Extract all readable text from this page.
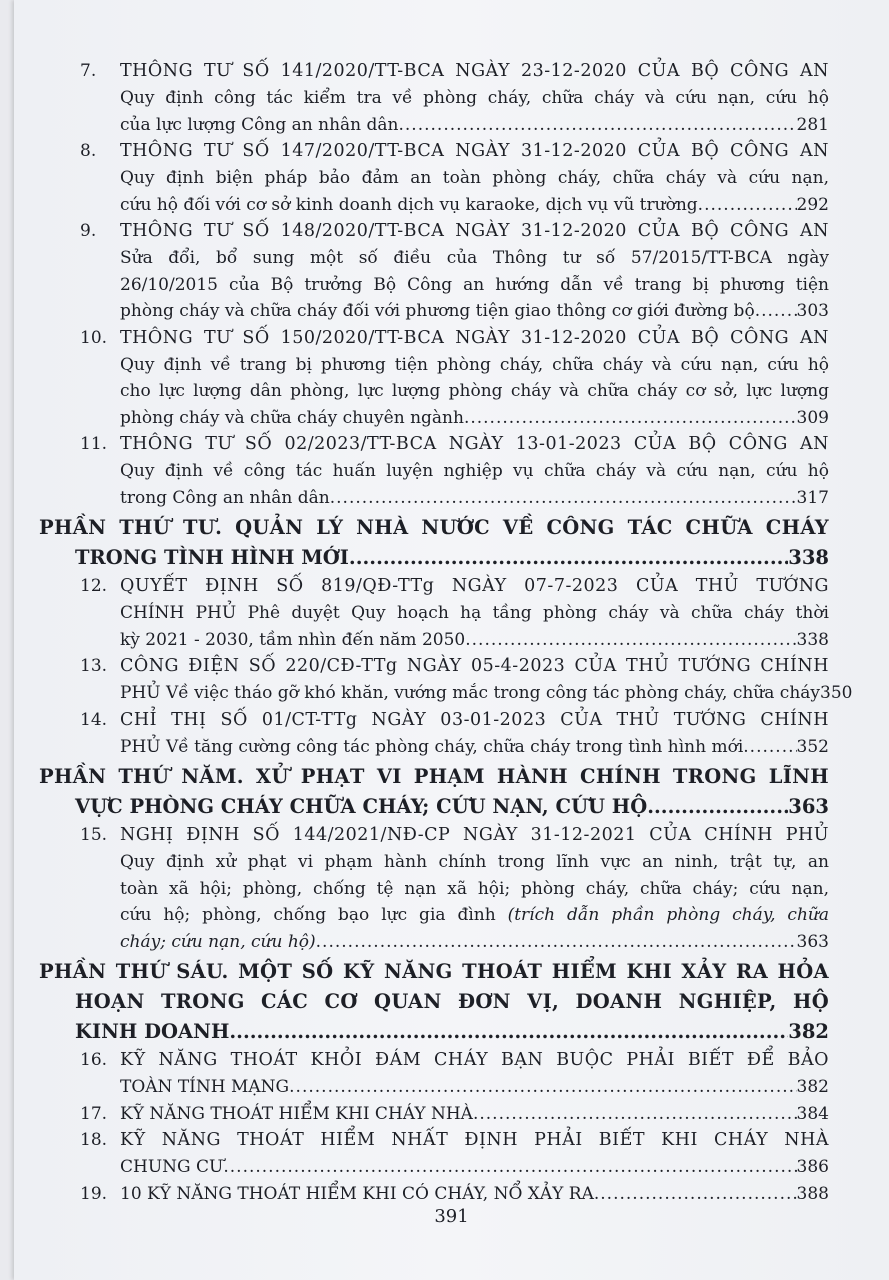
7. THÔNG TƯ SỐ 141/2020/TT-BCA NGÀY 23-12-2020 CỦA BỘ CÔNG AN
Quy định công tác kiểm tra về phòng cháy, chữa cháy và cứu nạn, cứu hộ
của lực lượng Công an nhân dân .....	281
8. THÔNG TƯ SỐ 147/2020/TT-BCA NGÀY 31-12-2020 CỦA BỘ CÔNG AN
Quy định biện pháp bảo đảm an toàn phòng cháy, chữa cháy và cứu nạn,
cứu hộ đối với cơ sở kinh doanh dịch vụ karaoke, dịch vụ vũ trường .....	292
9. THÔNG TƯ SỐ 148/2020/TT-BCA NGÀY 31-12-2020 CỦA BỘ CÔNG AN
Sửa đổi, bổ sung một số điều của Thông tư số 57/2015/TT-BCA ngày
26/10/2015 của Bộ trưởng Bộ Công an hướng dẫn về trang bị phương tiện
phòng cháy và chữa cháy đối với phương tiện giao thông cơ giới đường bộ ..... 303
10. THÔNG TƯ SỐ 150/2020/TT-BCA NGÀY 31-12-2020 CỦA BỘ CÔNG AN
Quy định về trang bị phương tiện phòng cháy, chữa cháy và cứu nạn, cứu hộ
cho lực lượng dân phòng, lực lượng phòng cháy và chữa cháy cơ sở, lực lượng
phòng cháy và chữa cháy chuyên ngành .....	309
11. THÔNG TƯ SỐ 02/2023/TT-BCA NGÀY 13-01-2023 CỦA BỘ CÔNG AN
Quy định về công tác huấn luyện nghiệp vụ chữa cháy và cứu nạn, cứu hộ
trong Công an nhân dân .....	317
PHẦN THỨ TƯ. QUẢN LÝ NHÀ NƯỚC VỀ CÔNG TÁC CHỮA CHÁY
TRONG TÌNH HÌNH MỚI .....	338
12. QUYẾT ĐỊNH SỐ 819/QĐ-TTg NGÀY 07-7-2023 CỦA THỦ TƯỚNG
CHÍNH PHỦ Phê duyệt Quy hoạch hạ tầng phòng cháy và chữa cháy thời
kỳ 2021 - 2030, tầm nhìn đến năm 2050 .....	338
13. CÔNG ĐIỆN SỐ 220/CĐ-TTg NGÀY 05-4-2023 CỦA THỦ TƯỚNG CHÍNH
PHỦ Về việc tháo gỡ khó khăn, vướng mắc trong công tác phòng cháy, chữa cháy 350
14. CHỈ THỊ SỐ 01/CT-TTg NGÀY 03-01-2023 CỦA THỦ TƯỚNG CHÍNH
PHỦ Về tăng cường công tác phòng cháy, chữa cháy trong tình hình mới .....	352
PHẦN THỨ NĂM. XỬ PHẠT VI PHẠM HÀNH CHÍNH TRONG LĨNH
VỰC PHÒNG CHÁY CHỮA CHÁY; CỨU NẠN, CỨU HỘ .....	363
15. NGHỊ ĐỊNH SỐ 144/2021/NĐ-CP NGÀY 31-12-2021 CỦA CHÍNH PHỦ
Quy định xử phạt vi phạm hành chính trong lĩnh vực an ninh, trật tự, an
toàn xã hội; phòng, chống tệ nạn xã hội; phòng cháy, chữa cháy; cứu nạn,
cứu hộ; phòng, chống bạo lực gia đình (trích dẫn phần phòng cháy, chữa
cháy; cứu nạn, cứu hộ) .....	363
PHẦN THỨ SÁU. MỘT SỐ KỸ NĂNG THOÁT HIỂM KHI XẢY RA HỎA
HOẠN TRONG CÁC CƠ QUAN ĐƠN VỊ, DOANH NGHIỆP, HỘ
KINH DOANH .....	382
16. KỸ NĂNG THOÁT KHỎI ĐÁM CHÁY BẠN BUỘC PHẢI BIẾT ĐỂ BẢO
TOÀN TÍNH MẠNG .....	382
17. KỸ NĂNG THOÁT HIỂM KHI CHÁY NHÀ .....	384
18. KỸ NĂNG THOÁT HIỂM NHẤT ĐỊNH PHẢI BIẾT KHI CHÁY NHÀ
CHUNG CƯ .....	386
19. 10 KỸ NĂNG THOÁT HIỂM KHI CÓ CHÁY, NỔ XẢY RA .....	388
391
